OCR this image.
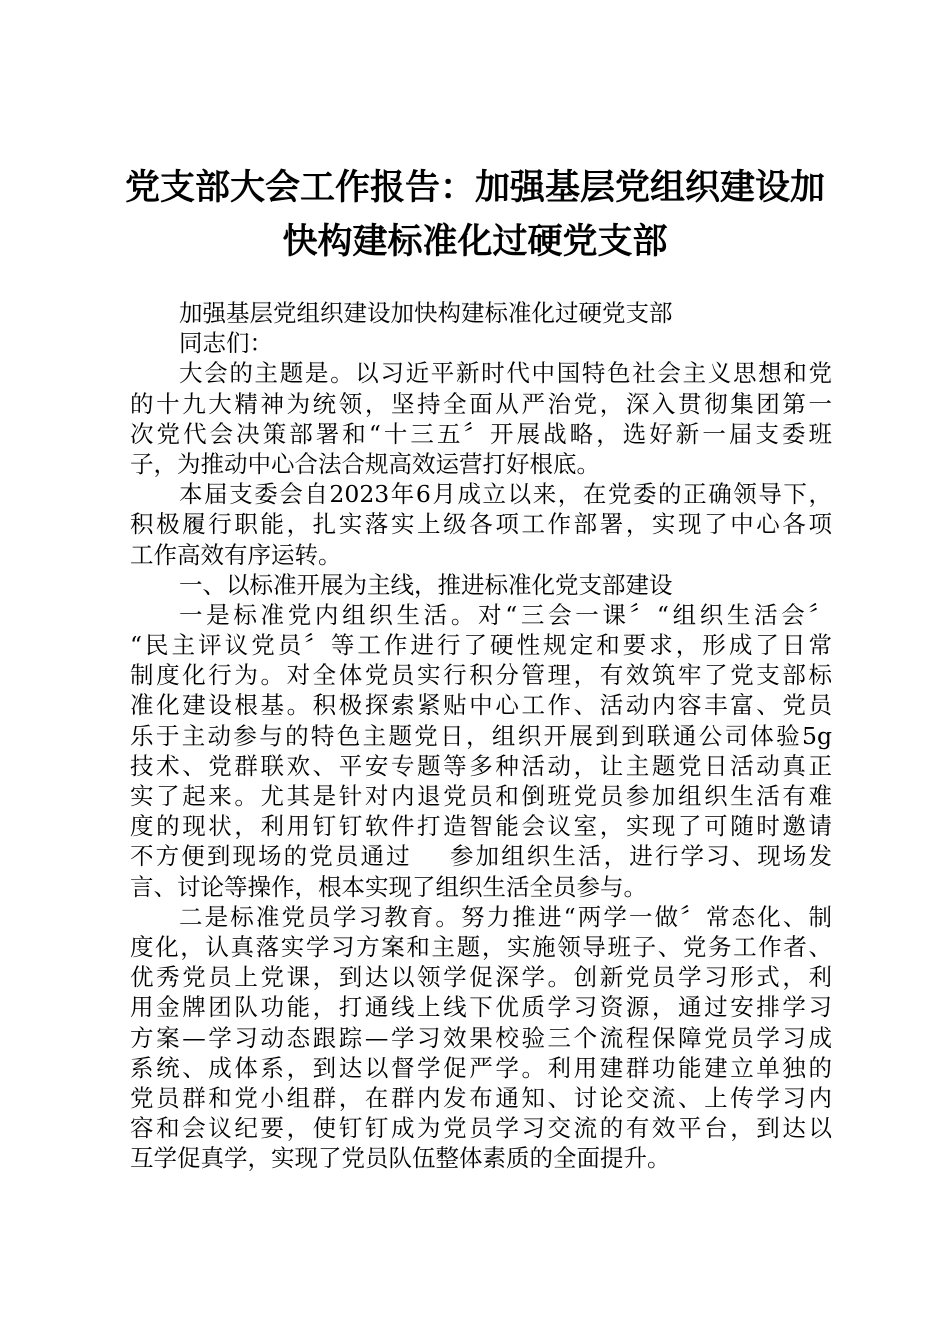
党支部大会工作报告：加强基层党组织建设加
快构建标准化过硬党支部
加强基层党组织建设加快构建标准化过硬党支部
同志们：
大会的主题是。以习近平新时代中国特色社会主义思想和党
的十九大精神为统领，坚持全面从严治党，深入贯彻集团第一
次党代会决策部署和“十三五〞开展战略，选好新一届支委班
子，为推动中心合法合规高效运营打好根底。
本届支委会自2023年6月成立以来，在党委的正确领导下，
积极履行职能，扎实落实上级各项工作部署，实现了中心各项
工作高效有序运转。
一、以标准开展为主线，推进标准化党支部建设
一是标准党内组织生活。对“三会一课〞“组织生活会〞
“民主评议党员〞等工作进行了硬性规定和要求，形成了日常
制度化行为。对全体党员实行积分管理，有效筑牢了党支部标
准化建设根基。积极探索紧贴中心工作、活动内容丰富、党员
乐于主动参与的特色主题党日，组织开展到到联通公司体验5g
技术、党群联欢、平安专题等多种活动，让主题党日活动真正
实了起来。尤其是针对内退党员和倒班党员参加组织生活有难
度的现状，利用钉钉软件打造智能会议室，实现了可随时邀请
不方便到现场的党员通过    参加组织生活，进行学习、现场发
言、讨论等操作，根本实现了组织生活全员参与。
二是标准党员学习教育。努力推进“两学一做〞常态化、制
度化，认真落实学习方案和主题，实施领导班子、党务工作者、
优秀党员上党课，到达以领学促深学。创新党员学习形式，利
用金牌团队功能，打通线上线下优质学习资源，通过安排学习
方案—学习动态跟踪—学习效果校验三个流程保障党员学习成
系统、成体系，到达以督学促严学。利用建群功能建立单独的
党员群和党小组群，在群内发布通知、讨论交流、上传学习内
容和会议纪要，使钉钉成为党员学习交流的有效平台，到达以
互学促真学，实现了党员队伍整体素质的全面提升。
